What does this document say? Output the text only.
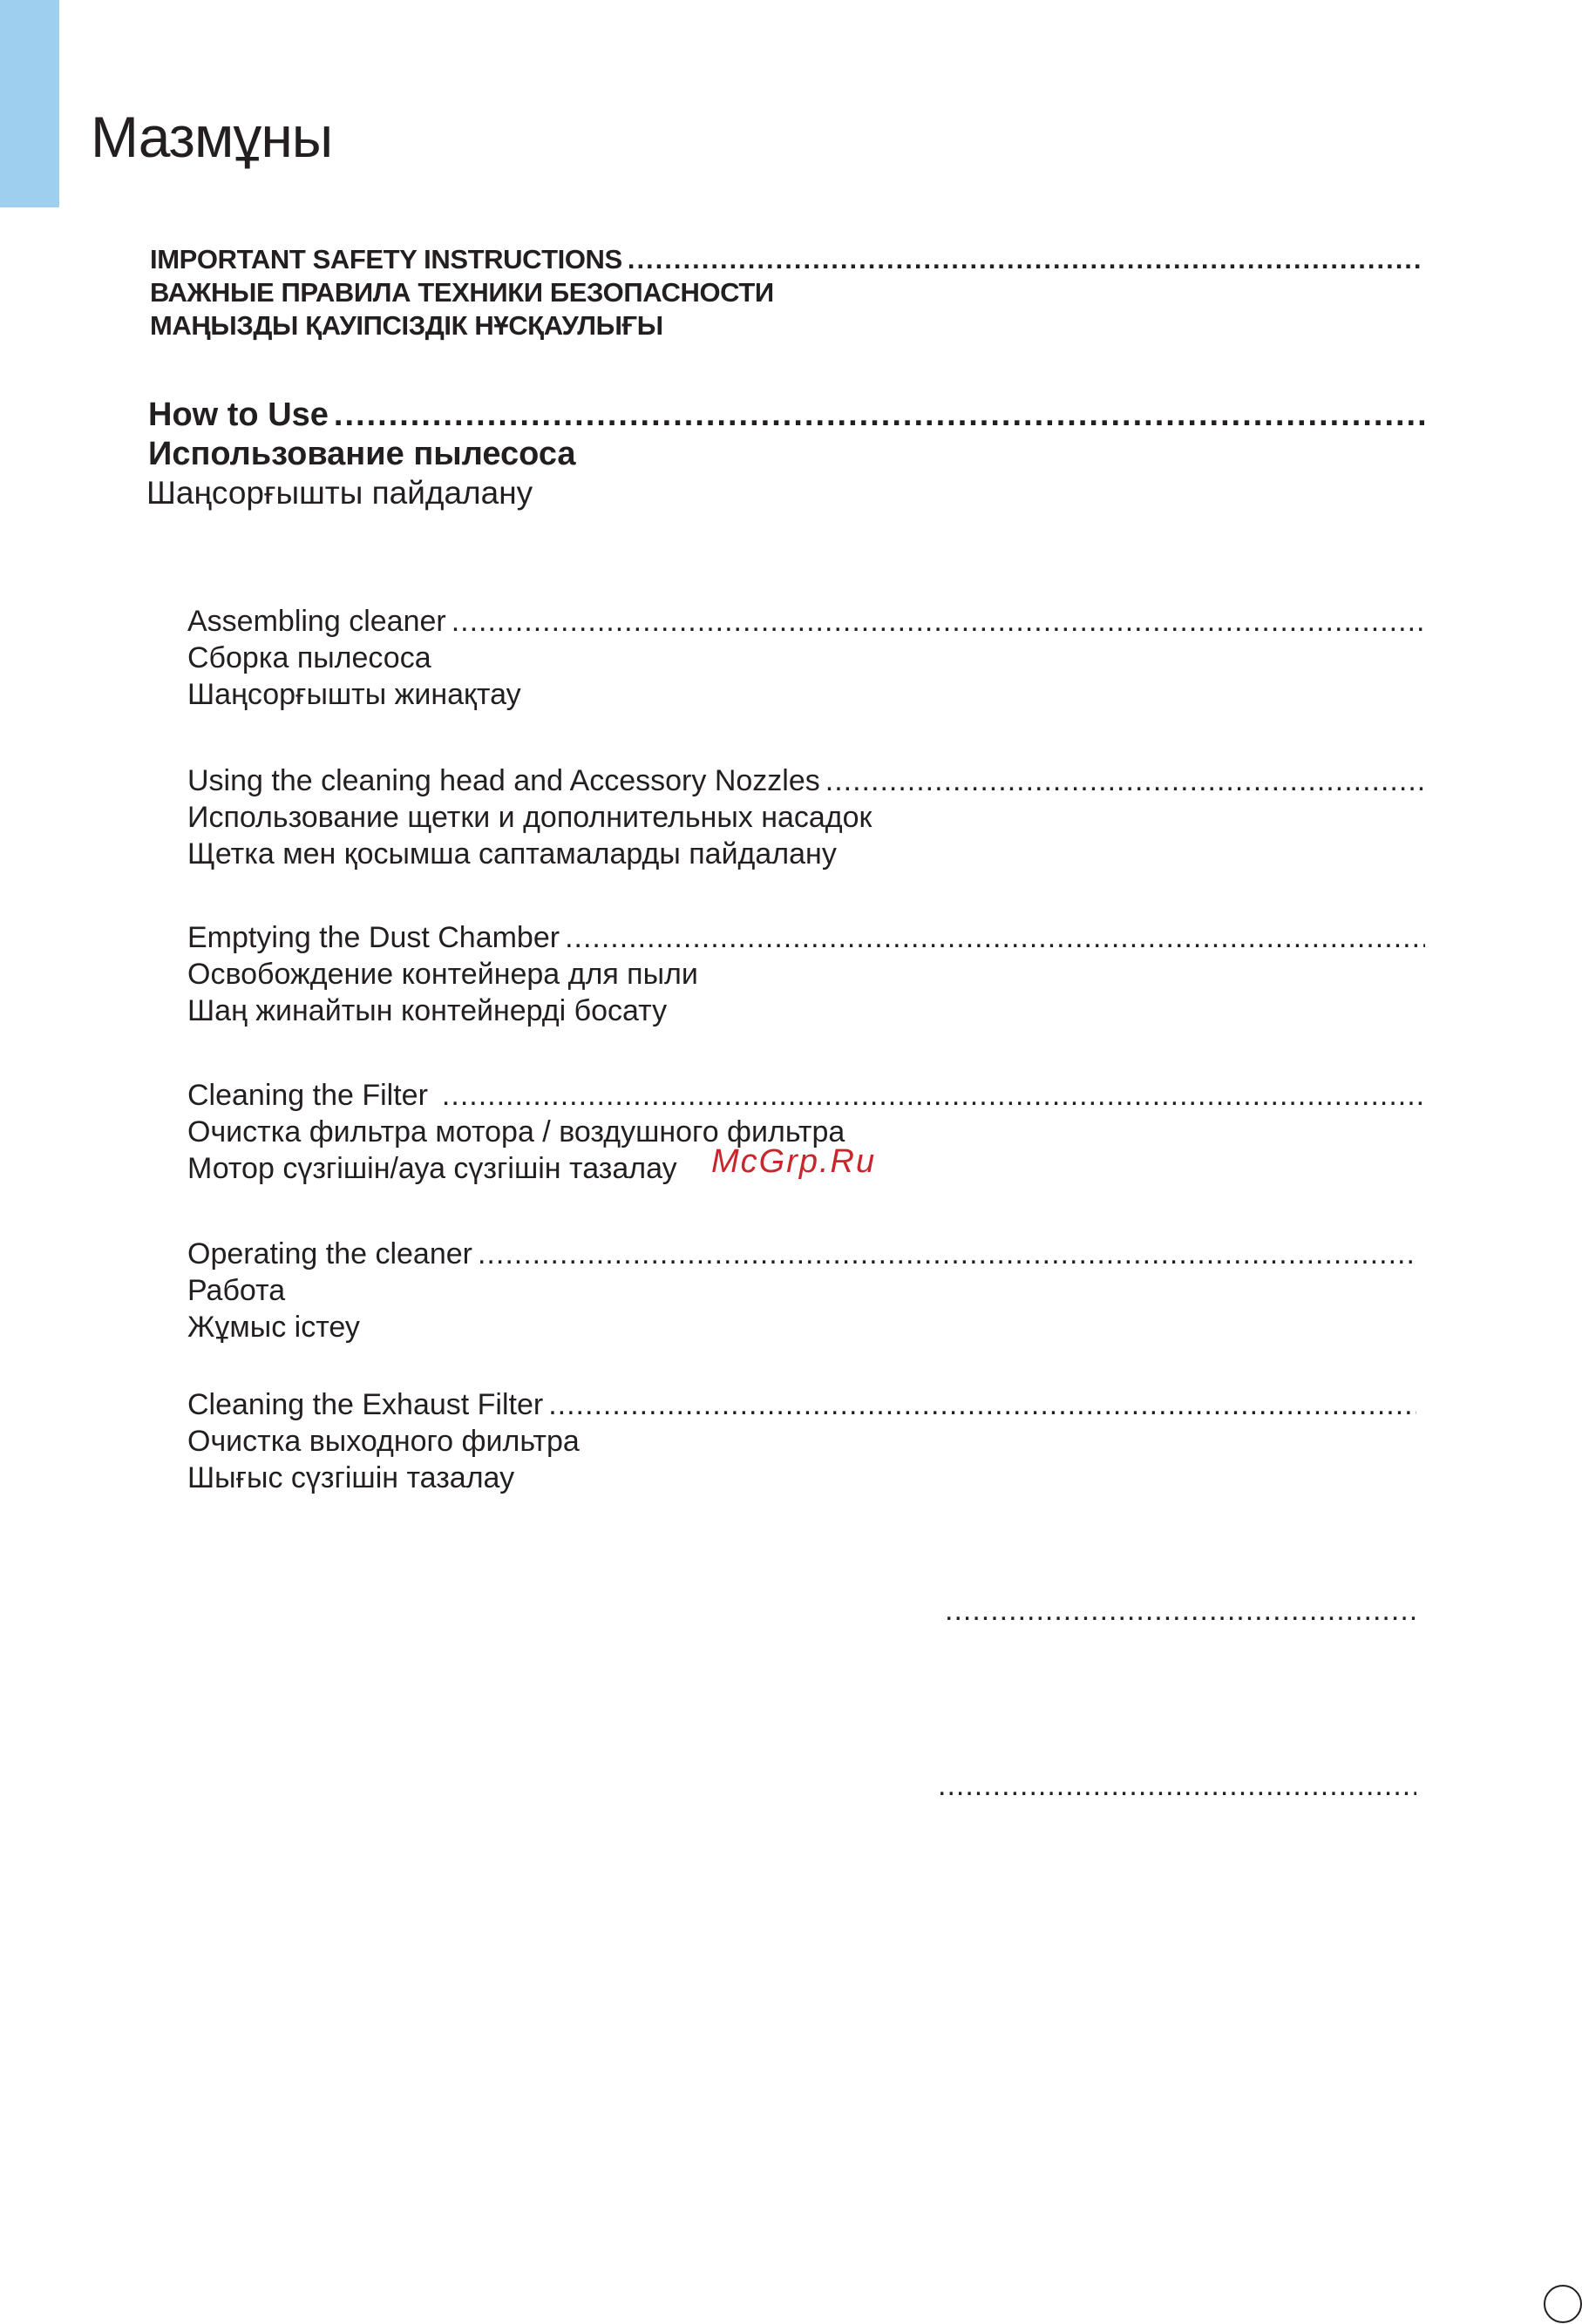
Мазмұны
IMPORTANT SAFETY INSTRUCTIONS
.....
ВАЖНЫЕ ПРАВИЛА ТЕХНИКИ БЕЗОПАСНОСТИ
МАҢЫЗДЫ ҚАУІПСІЗДІК НҰСҚАУЛЫҒЫ
How to Use
.....
Использование пылесоса
Шаңсорғышты пайдалану
Assembling cleaner
.....
Сборка пылесоса
Шаңсорғышты жинақтау
Using the cleaning head and Accessory Nozzles
.....
Использование щетки и дополнительных насадок
Щетка мен қосымша саптамаларды пайдалану
Emptying the Dust Chamber
.....
Освобождение контейнера для пыли
Шаң жинайтын контейнерді босату
Cleaning the Filter
.....
Очистка фильтра мотора / воздушного фильтра
Мотор сүзгішін/ауа сүзгішін тазалау
Operating the cleaner
.....
Работа
Жұмыс істеу
Cleaning the Exhaust Filter
.....
Очистка выходного фильтра
Шығыс сүзгішін тазалау
.....
.....
McGrp.Ru
